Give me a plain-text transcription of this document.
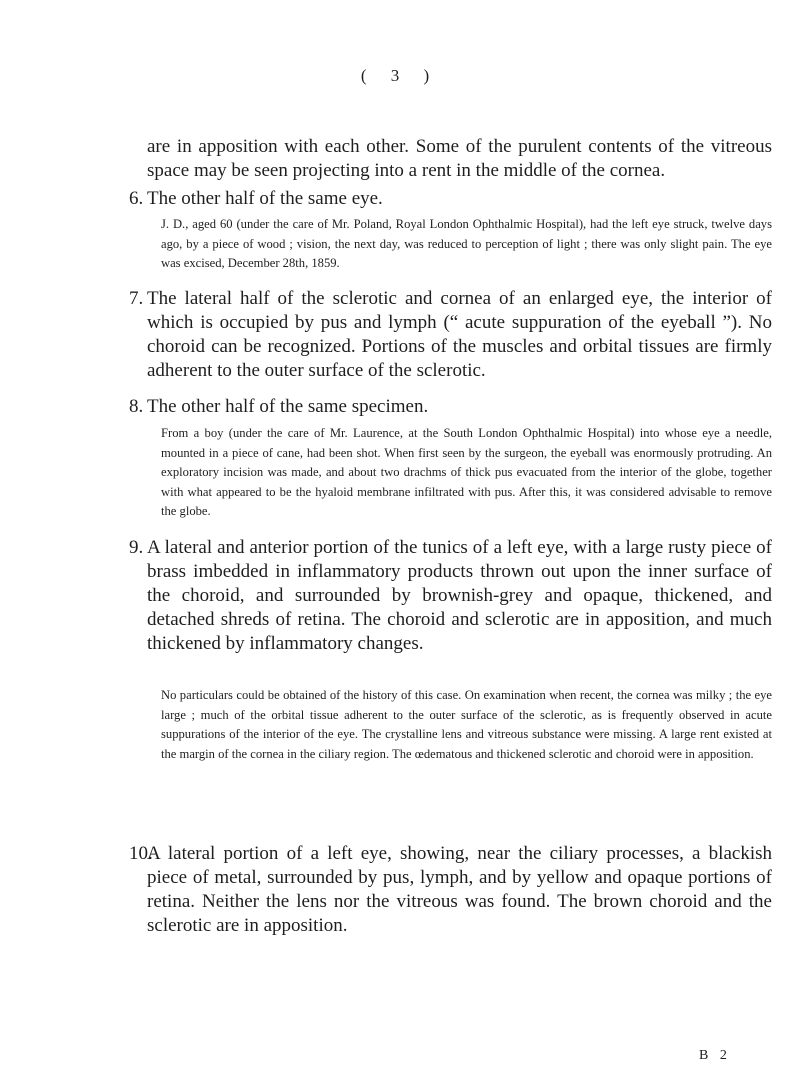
( 3 )

are in apposition with each other. Some of the purulent contents of the vitreous space may be seen projecting into a rent in the middle of the cornea.

6. The other half of the same eye.

J. D., aged 60 (under the care of Mr. Poland, Royal London Ophthalmic Hospital), had the left eye struck, twelve days ago, by a piece of wood ; vision, the next day, was reduced to perception of light ; there was only slight pain. The eye was excised, December 28th, 1859.

7. The lateral half of the sclerotic and cornea of an enlarged eye, the interior of which is occupied by pus and lymph (“ acute suppuration of the eyeball ”). No choroid can be recognized. Portions of the muscles and orbital tissues are firmly adherent to the outer surface of the sclerotic.

8. The other half of the same specimen.

From a boy (under the care of Mr. Laurence, at the South London Ophthalmic Hospital) into whose eye a needle, mounted in a piece of cane, had been shot. When first seen by the surgeon, the eyeball was enormously protruding. An exploratory incision was made, and about two drachms of thick pus evacuated from the interior of the globe, together with what appeared to be the hyaloid membrane infiltrated with pus. After this, it was considered advisable to remove the globe.

9. A lateral and anterior portion of the tunics of a left eye, with a large rusty piece of brass imbedded in inflammatory products thrown out upon the inner surface of the choroid, and surrounded by brownish-grey and opaque, thickened, and detached shreds of retina. The choroid and sclerotic are in apposition, and much thickened by inflammatory changes.

No particulars could be obtained of the history of this case. On examination when recent, the cornea was milky ; the eye large ; much of the orbital tissue adherent to the outer surface of the sclerotic, as is frequently observed in acute suppurations of the interior of the eye. The crystalline lens and vitreous substance were missing. A large rent existed at the margin of the cornea in the ciliary region. The œdematous and thickened sclerotic and choroid were in apposition.

10.
A lateral portion of a left eye, showing, near the ciliary processes, a blackish piece of metal, surrounded by pus, lymph, and by yellow and opaque portions of retina. Neither the lens nor the vitreous was found. The brown choroid and the sclerotic are in apposition.

B 2
